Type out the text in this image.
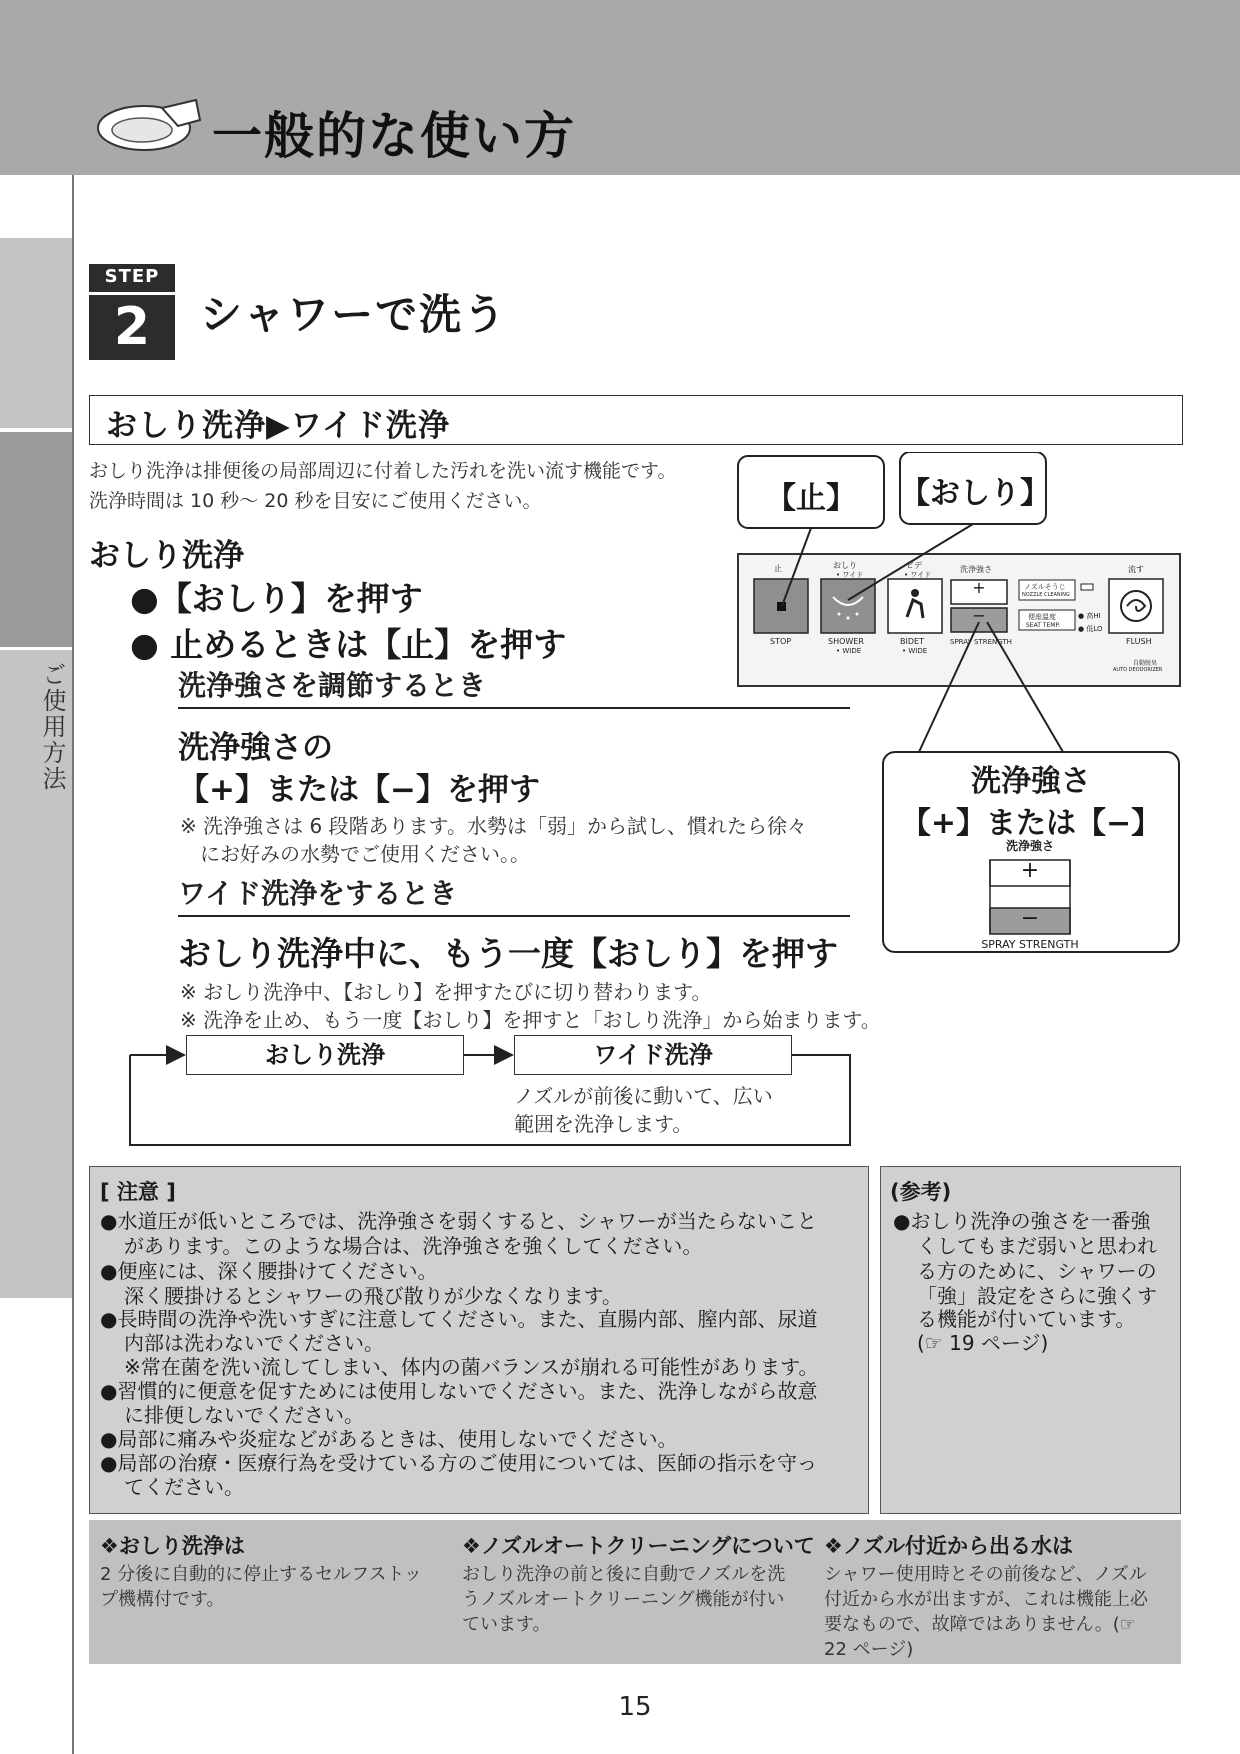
一般的な使い方
ご使用方法
STEP
2	シャワーで洗う
おしり洗浄▶ワイド洗浄
おしり洗浄は排便後の局部周辺に付着した汚れを洗い流す機能です。
洗浄時間は 10 秒〜 20 秒を目安にご使用ください。
おしり洗浄
●【おしり】を押す
● 止めるときは【止】を押す
洗浄強さを調節するとき
洗浄強さの
【+】または【−】を押す
※ 洗浄強さは 6 段階あります。水勢は「弱」から試し、慣れたら徐々
にお好みの水勢でご使用ください。。
ワイド洗浄をするとき
おしり洗浄中に、もう一度【おしり】を押す
※ おしり洗浄中、【おしり】を押すたびに切り替わります。
※ 洗浄を止め、もう一度【おしり】を押すと「おしり洗浄」から始まります。
おしり洗浄	ワイド洗浄
ノズルが前後に動いて、広い
範囲を洗浄します。
【止】	【おしり】
洗浄強さ
【+】または【−】
止
STOP
おしり
• ワイド
SHOWER
• WIDE
ビデ
• ワイド
BIDET
• WIDE
洗浄強さ
+
−
SPRAY STRENGTH
ノズルそうじ
NOZZLE CLEANING
便座温度
SEAT TEMP.
● 高HI
● 低LO
流す
FLUSH
自動脱臭
AUTO DEODORIZER
洗浄強さ
+
−
SPRAY STRENGTH
[ 注意 ]
●水道圧が低いところでは、洗浄強さを弱くすると、シャワーが当たらないこと
があります。このような場合は、洗浄強さを強くしてください。
●便座には、深く腰掛けてください。
深く腰掛けるとシャワーの飛び散りが少なくなります。
●長時間の洗浄や洗いすぎに注意してください。また、直腸内部、膣内部、尿道
内部は洗わないでください。
※常在菌を洗い流してしまい、体内の菌バランスが崩れる可能性があります。
●習慣的に便意を促すためには使用しないでください。また、洗浄しながら故意
に排便しないでください。
●局部に痛みや炎症などがあるときは、使用しないでください。
●局部の治療・医療行為を受けている方のご使用については、医師の指示を守っ
てください。
(参考)
●おしり洗浄の強さを一番強
くしてもまだ弱いと思われ
る方のために、シャワーの
「強」設定をさらに強くす
る機能が付いています。
(☞ 19 ページ)
❖おしり洗浄は
2 分後に自動的に停止するセルフストッ
プ機構付です。
❖ノズルオートクリーニングについて
おしり洗浄の前と後に自動でノズルを洗
うノズルオートクリーニング機能が付い
ています。
❖ノズル付近から出る水は
シャワー使用時とその前後など、ノズル
付近から水が出ますが、これは機能上必
要なもので、故障ではありません。(☞
22 ページ)
15
